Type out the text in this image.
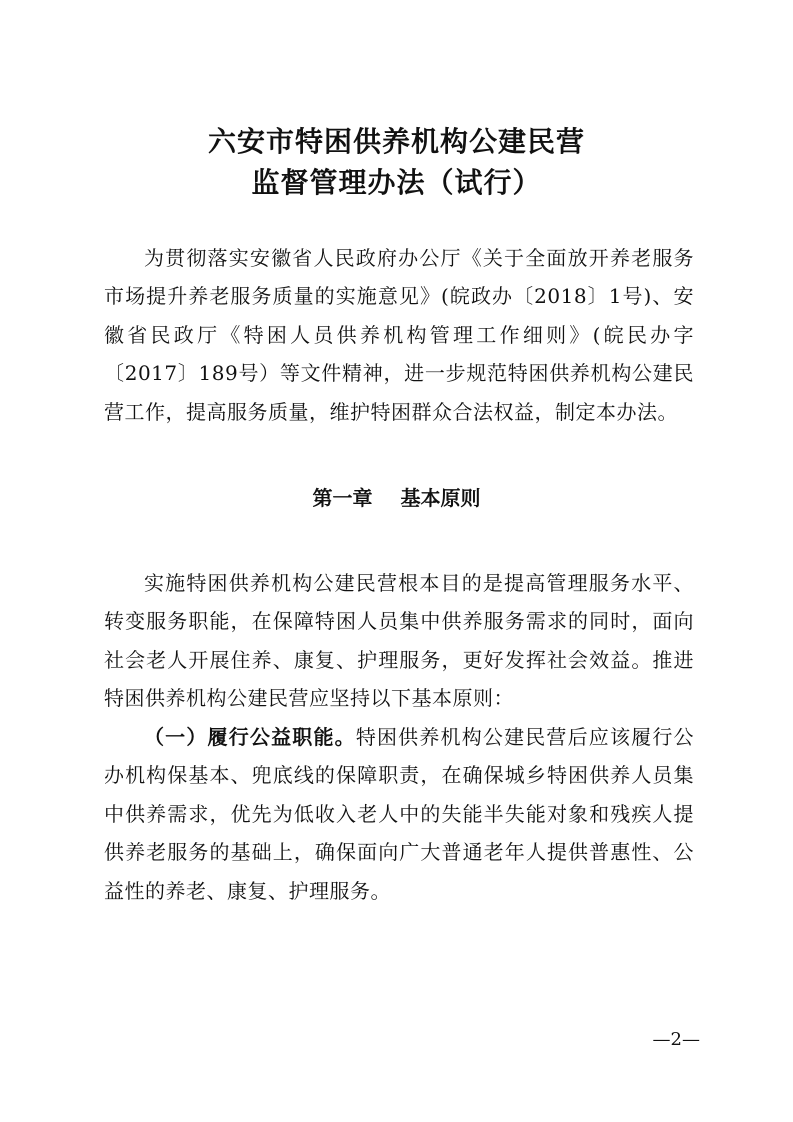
六安市特困供养机构公建民营
监督管理办法（试行）

为贯彻落实安徽省人民政府办公厅《关于全面放开养老服务市场提升养老服务质量的实施意见》(皖政办〔2018〕1号)、安徽省民政厅《特困人员供养机构管理工作细则》(皖民办字〔2017〕189号）等文件精神，进一步规范特困供养机构公建民营工作，提高服务质量，维护特困群众合法权益，制定本办法。

第一章 基本原则

实施特困供养机构公建民营根本目的是提高管理服务水平、转变服务职能，在保障特困人员集中供养服务需求的同时，面向社会老人开展住养、康复、护理服务，更好发挥社会效益。推进特困供养机构公建民营应坚持以下基本原则：

（一）履行公益职能。特困供养机构公建民营后应该履行公办机构保基本、兜底线的保障职责，在确保城乡特困供养人员集中供养需求，优先为低收入老人中的失能半失能对象和残疾人提供养老服务的基础上，确保面向广大普通老年人提供普惠性、公益性的养老、康复、护理服务。

—2—
